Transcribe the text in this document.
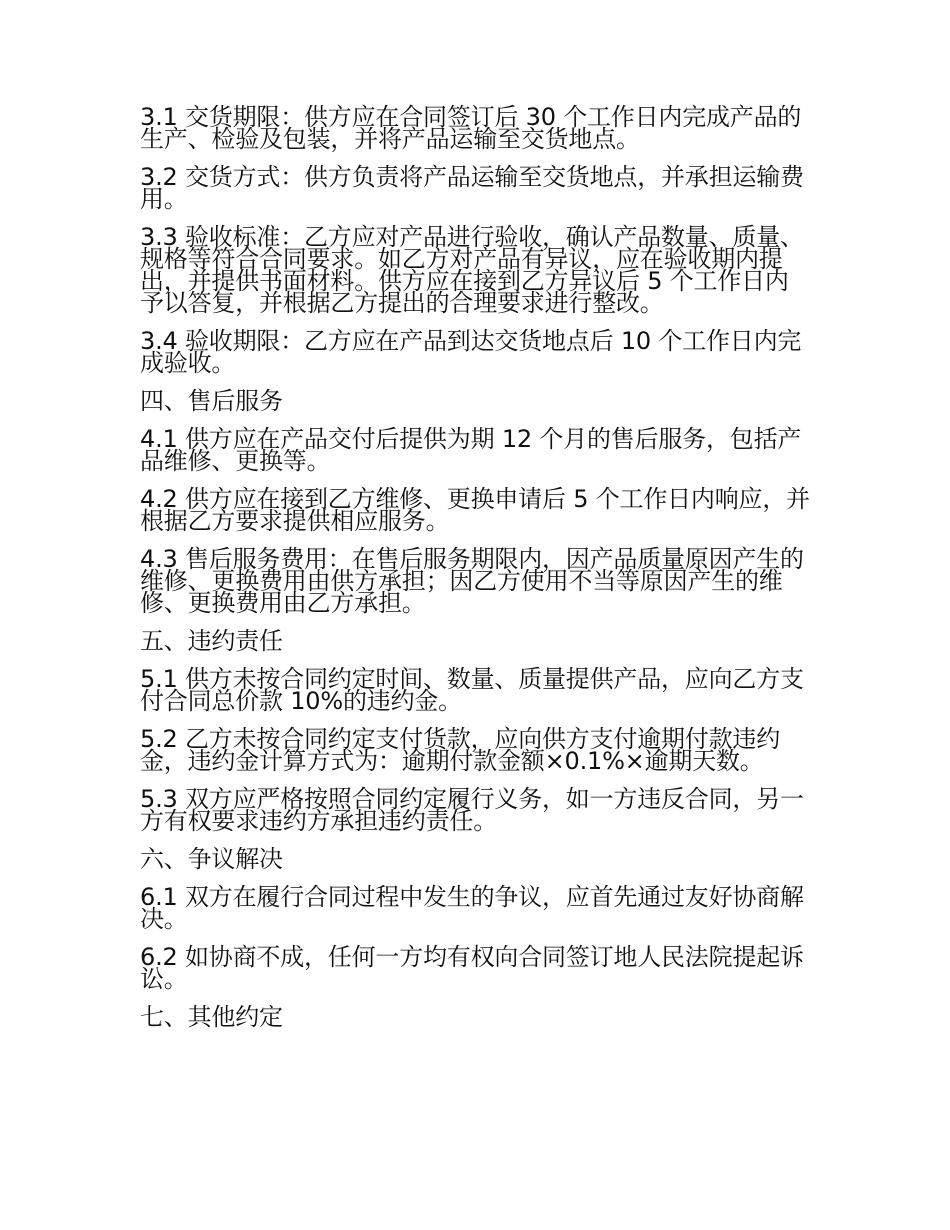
3.1 交货期限：供方应在合同签订后 30 个工作日内完成产品的生产、检验及包装，并将产品运输至交货地点。

3.2 交货方式：供方负责将产品运输至交货地点，并承担运输费用。

3.3 验收标准：乙方应对产品进行验收，确认产品数量、质量、规格等符合合同要求。如乙方对产品有异议，应在验收期内提出，并提供书面材料。供方应在接到乙方异议后 5 个工作日内予以答复，并根据乙方提出的合理要求进行整改。

3.4 验收期限：乙方应在产品到达交货地点后 10 个工作日内完成验收。

四、售后服务

4.1 供方应在产品交付后提供为期 12 个月的售后服务，包括产品维修、更换等。

4.2 供方应在接到乙方维修、更换申请后 5 个工作日内响应，并根据乙方要求提供相应服务。

4.3 售后服务费用：在售后服务期限内，因产品质量原因产生的维修、更换费用由供方承担；因乙方使用不当等原因产生的维修、更换费用由乙方承担。

五、违约责任

5.1 供方未按合同约定时间、数量、质量提供产品，应向乙方支付合同总价款 10%的违约金。

5.2 乙方未按合同约定支付货款，应向供方支付逾期付款违约金，违约金计算方式为：逾期付款金额×0.1%×逾期天数。

5.3 双方应严格按照合同约定履行义务，如一方违反合同，另一方有权要求违约方承担违约责任。

六、争议解决

6.1 双方在履行合同过程中发生的争议，应首先通过友好协商解决。

6.2 如协商不成，任何一方均有权向合同签订地人民法院提起诉讼。

七、其他约定
